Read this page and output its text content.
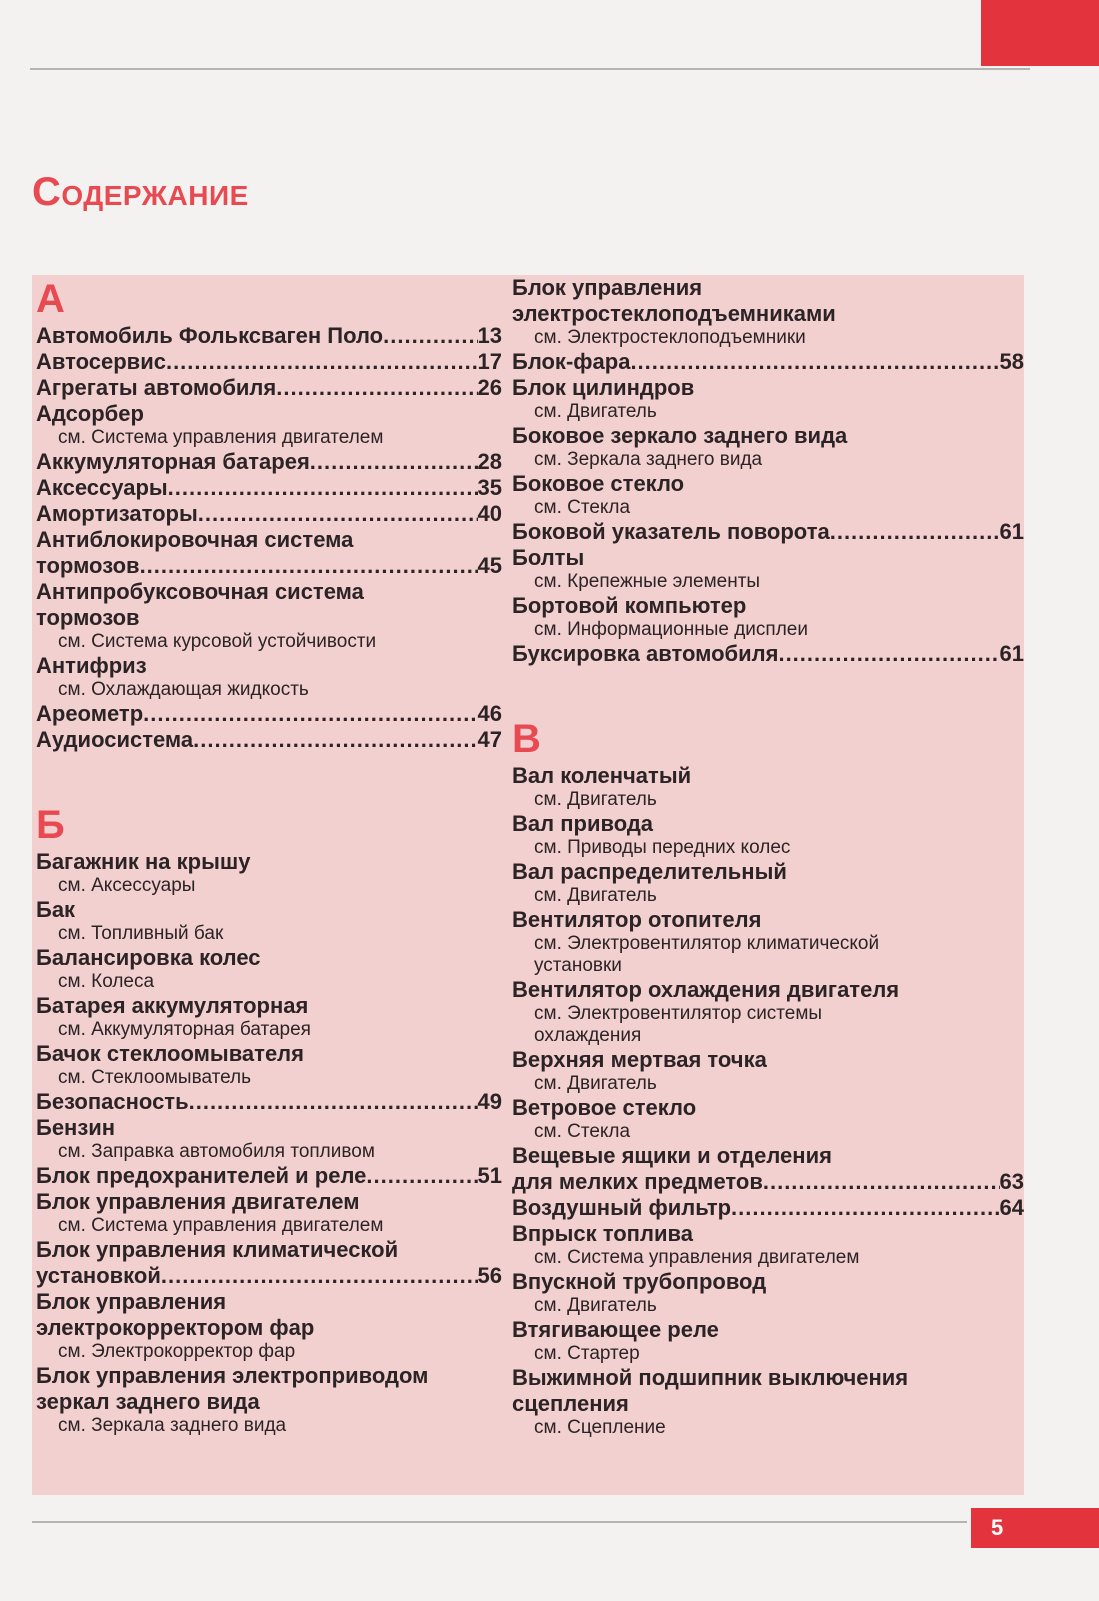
Содержание
А
Автомобиль Фольксваген Поло .....	13
Автосервис .....	17
Агрегаты автомобиля .....	26
Адсорбер
см. Система управления двигателем
Аккумуляторная батарея .....	28
Аксессуары .....	35
Амортизаторы .....	40
Антиблокировочная система
тормозов .....	45
Антипробуксовочная система
тормозов
см. Система курсовой устойчивости
Антифриз
см. Охлаждающая жидкость
Ареометр .....	46
Аудиосистема .....	47
Б
Багажник на крышу
см. Аксессуары
Бак
см. Топливный бак
Балансировка колес
см. Колеса
Батарея аккумуляторная
см. Аккумуляторная батарея
Бачок стеклоомывателя
см. Стеклоомыватель
Безопасность .....	49
Бензин
см. Заправка автомобиля топливом
Блок предохранителей и реле .....	51
Блок управления двигателем
см. Система управления двигателем
Блок управления климатической
установкой .....	56
Блок управления
электрокорректором фар
см. Электрокорректор фар
Блок управления электроприводом
зеркал заднего вида
см. Зеркала заднего вида
Блок управления
электростеклоподъемниками
см. Электростеклоподъемники
Блок-фара .....	58
Блок цилиндров
см. Двигатель
Боковое зеркало заднего вида
см. Зеркала заднего вида
Боковое стекло
см. Стекла
Боковой указатель поворота .....	61
Болты
см. Крепежные элементы
Бортовой компьютер
см. Информационные дисплеи
Буксировка автомобиля .....	61
В
Вал коленчатый
см. Двигатель
Вал привода
см. Приводы передних колес
Вал распределительный
см. Двигатель
Вентилятор отопителя
см. Электровентилятор климатической
установки
Вентилятор охлаждения двигателя
см. Электровентилятор системы
охлаждения
Верхняя мертвая точка
см. Двигатель
Ветровое стекло
см. Стекла
Вещевые ящики и отделения
для мелких предметов .....	63
Воздушный фильтр .....	64
Впрыск топлива
см. Система управления двигателем
Впускной трубопровод
см. Двигатель
Втягивающее реле
см. Стартер
Выжимной подшипник выключения
сцепления
см. Сцепление
5
